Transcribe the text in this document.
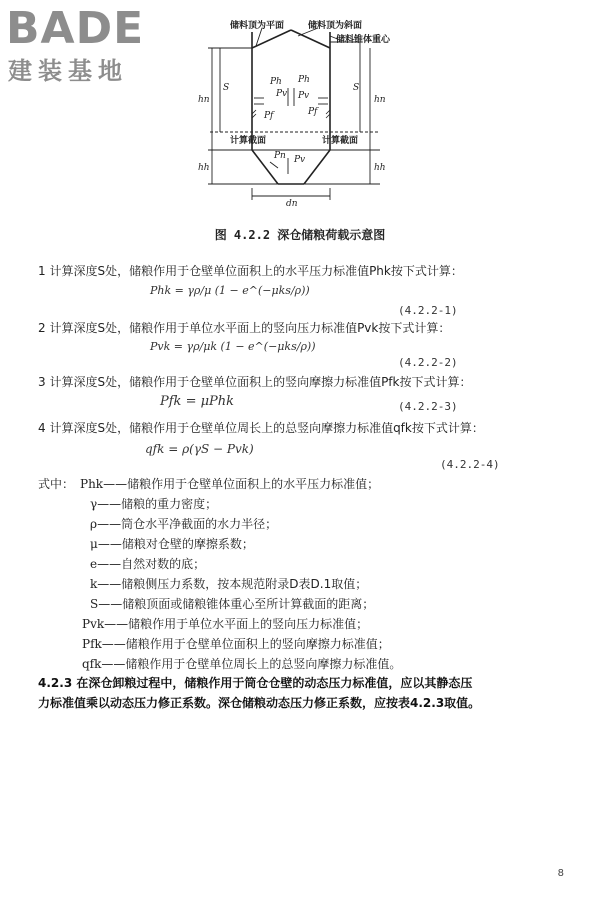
BADE
建装基地
储料顶为平面	储料顶为斜面
储料锥体重心
计算截面	计算截面
S	S
hn	hn
hh	hh
Ph
Pv
Pf
Ph
Pv
Pf
Pn Pv
dn
图 4.2.2 深仓储粮荷载示意图
1 计算深度S处，储粮作用于仓壁单位面积上的水平压力标准值Phk按下式计算：
Phk = γρ/μ (1 − e^(−μks/ρ))
(4.2.2-1)
2 计算深度S处，储粮作用于单位水平面上的竖向压力标准值Pvk按下式计算：
Pvk = γρ/μk (1 − e^(−μks/ρ))
(4.2.2-2)
3 计算深度S处，储粮作用于仓壁单位面积上的竖向摩擦力标准值Pfk按下式计算：
Pfk = μPhk	(4.2.2-3)
4 计算深度S处，储粮作用于仓壁单位周长上的总竖向摩擦力标准值qfk按下式计算：
qfk = ρ(γS − Pvk)
(4.2.2-4)
式中： Phk——储粮作用于仓壁单位面积上的水平压力标准值；
γ——储粮的重力密度；
ρ——筒仓水平净截面的水力半径；
μ——储粮对仓壁的摩擦系数；
e——自然对数的底；
k——储粮侧压力系数，按本规范附录D表D.1取值；
S——储粮顶面或储粮锥体重心至所计算截面的距离；
Pvk——储粮作用于单位水平面上的竖向压力标准值；
Pfk——储粮作用于仓壁单位面积上的竖向摩擦力标准值；
qfk——储粮作用于仓壁单位周长上的总竖向摩擦力标准值。
4.2.3 在深仓卸粮过程中，储粮作用于筒仓仓壁的动态压力标准值，应以其静态压
力标准值乘以动态压力修正系数。深仓储粮动态压力修正系数，应按表4.2.3取值。
8
